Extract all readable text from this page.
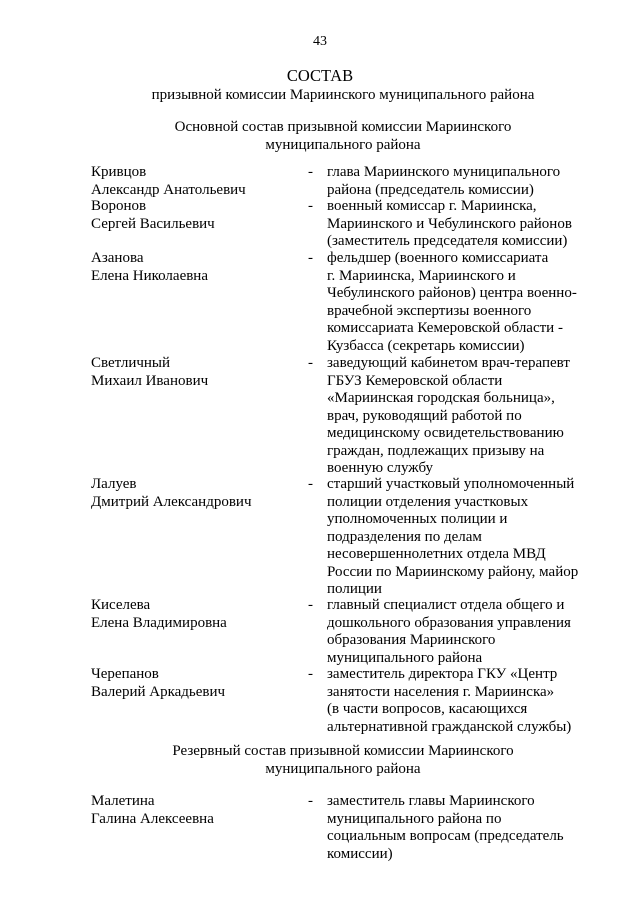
43
СОСТАВ
призывной комиссии Мариинского муниципального района
Основной состав призывной комиссии Мариинского
муниципального района
Кривцов
Александр Анатольевич
- глава Мариинского муниципального
района (председатель комиссии)
Воронов
Сергей Васильевич
- военный комиссар г. Мариинска,
Мариинского и Чебулинского районов
(заместитель председателя комиссии)
Азанова
Елена Николаевна
- фельдшер (военного комиссариата
г. Мариинска, Мариинского и
Чебулинского районов) центра военно-
врачебной экспертизы военного
комиссариата Кемеровской области -
Кузбасса (секретарь комиссии)
Светличный
Михаил Иванович
- заведующий кабинетом врач-терапевт
ГБУЗ Кемеровской области
«Мариинская городская больница»,
врач, руководящий работой по
медицинскому освидетельствованию
граждан, подлежащих призыву на
военную службу
Лалуев
Дмитрий Александрович
- старший участковый уполномоченный
полиции отделения участковых
уполномоченных полиции и
подразделения по делам
несовершеннолетних отдела МВД
России по Мариинскому району, майор
полиции
Киселева
Елена Владимировна
- главный специалист отдела общего и
дошкольного образования управления
образования Мариинского
муниципального района
Черепанов
Валерий Аркадьевич
- заместитель директора ГКУ «Центр
занятости населения г. Мариинска»
(в части вопросов, касающихся
альтернативной гражданской службы)
Резервный состав призывной комиссии Мариинского
муниципального района
Малетина
Галина Алексеевна
- заместитель главы Мариинского
муниципального района по
социальным вопросам (председатель
комиссии)
